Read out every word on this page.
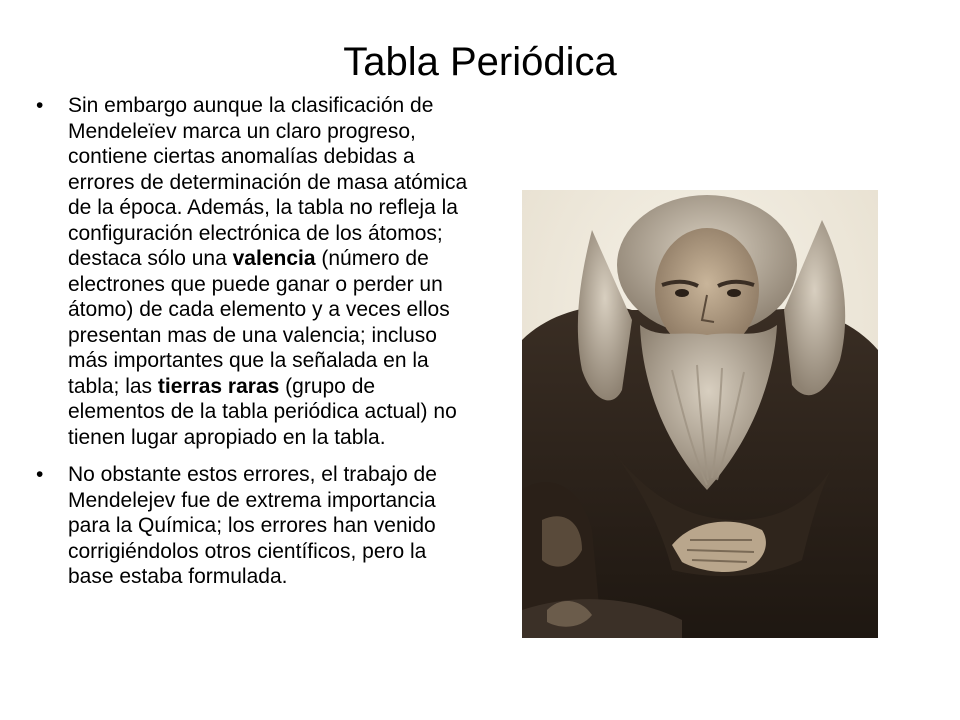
Tabla Periódica
• Sin embargo aunque la clasificación de Mendeleïev marca un claro progreso, contiene ciertas anomalías debidas a errores de determinación de masa atómica de la época. Además, la tabla no refleja la configuración electrónica de los átomos; destaca sólo una valencia (número de electrones que puede ganar o perder un átomo) de cada elemento y a veces ellos presentan mas de una valencia; incluso más importantes que la señalada en la tabla; las tierras raras (grupo de elementos de la tabla periódica actual) no tienen lugar apropiado en la tabla.
• No obstante estos errores, el trabajo de Mendelejev fue de extrema importancia para la Química; los errores han venido corrigiéndolos otros científicos, pero la base estaba formulada.
